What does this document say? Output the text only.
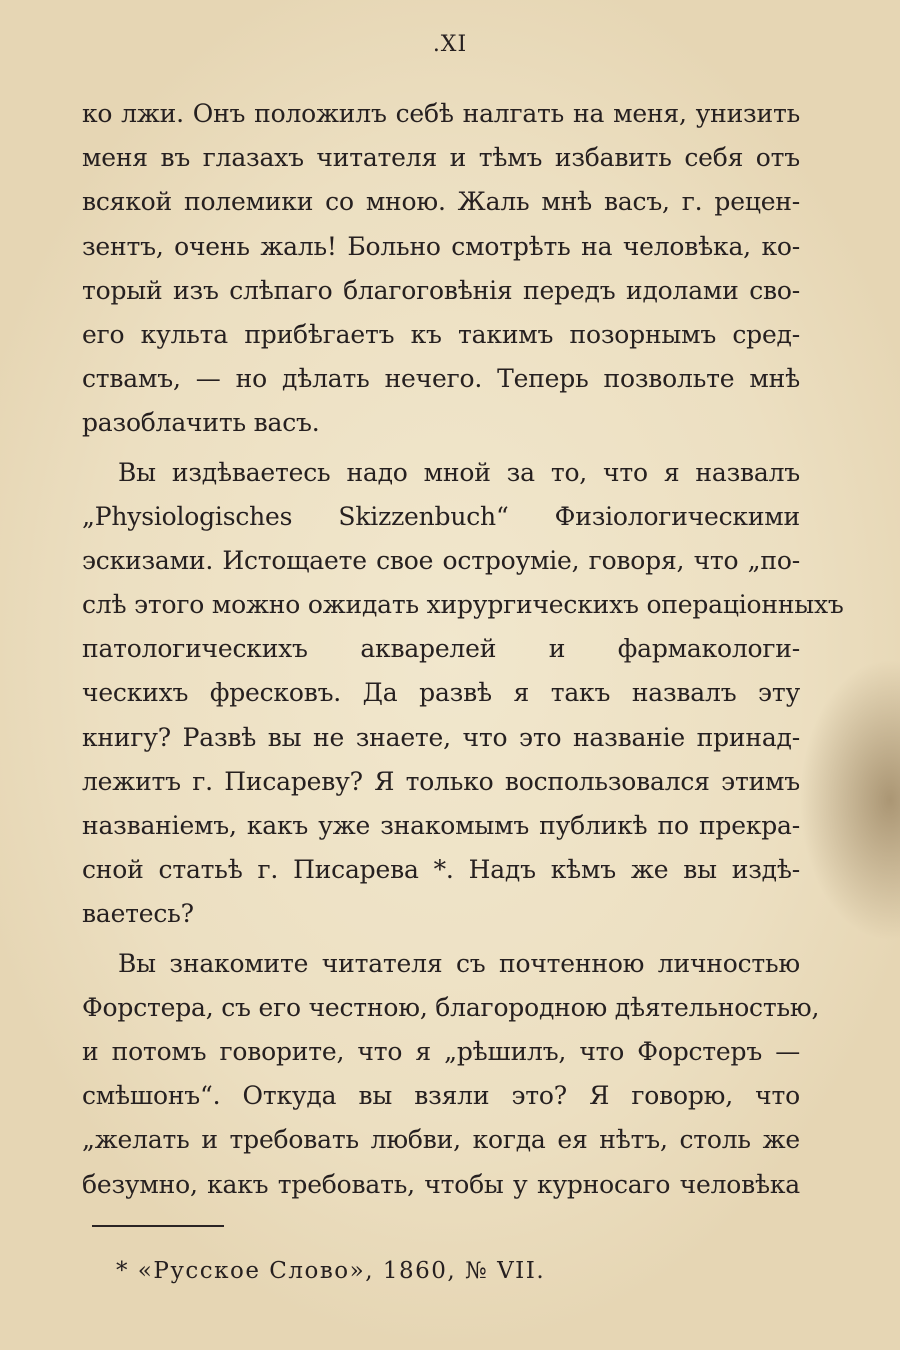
.XI
ко лжи. Онъ положилъ себѣ налгать на меня, унизить
меня въ глазахъ читателя и тѣмъ избавить себя отъ
всякой полемики со мною. Жаль мнѣ васъ, г. рецен-
зентъ, очень жаль! Больно смотрѣть на человѣка, ко-
торый изъ слѣпаго благоговѣнія передъ идолами сво-
его культа прибѣгаетъ къ такимъ позорнымъ сред-
ствамъ, — но дѣлать нечего. Теперь позвольте мнѣ
разоблачить васъ.
Вы издѣваетесь надо мной за то, что я назвалъ
„Physiologisches Skizzenbuch“ Физіологическими
эскизами. Истощаете свое остроуміе, говоря, что „по-
слѣ этого можно ожидать хирургическихъ операціонныхъ
патологическихъ акварелей и фармакологи-
ческихъ фресковъ. Да развѣ я такъ назвалъ эту
книгу? Развѣ вы не знаете, что это названіе принад-
лежитъ г. Писареву? Я только воспользовался этимъ
названіемъ, какъ уже знакомымъ публикѣ по прекра-
сной статьѣ г. Писарева *. Надъ кѣмъ же вы издѣ-
ваетесь?
Вы знакомите читателя съ почтенною личностью
Форстера, съ его честною, благородною дѣятельностью,
и потомъ говорите, что я „рѣшилъ, что Форстеръ —
смѣшонъ“. Откуда вы взяли это? Я говорю, что
„желать и требовать любви, когда ея нѣтъ, столь же
безумно, какъ требовать, чтобы у курносаго человѣка
* «Русское Слово», 1860, № VII.
